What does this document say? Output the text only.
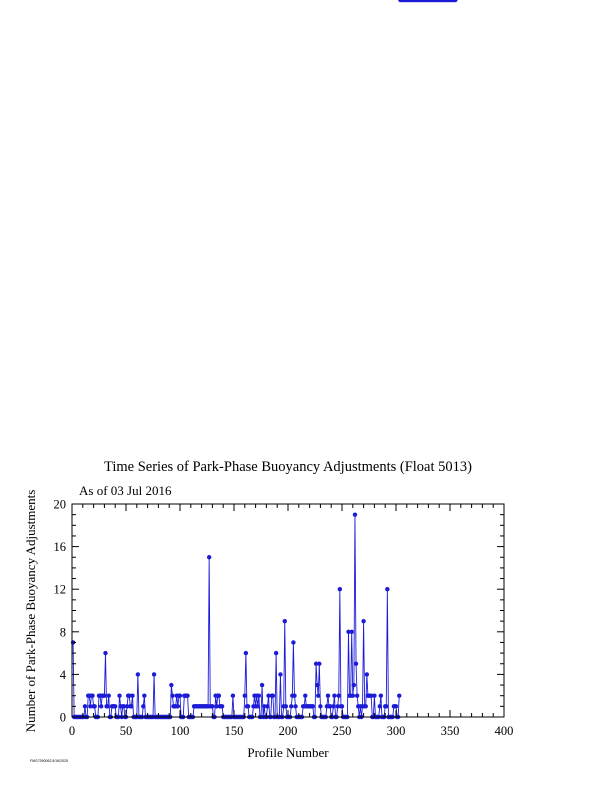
Time Series of Park-Phase Buoyancy Adjustments (Float 5013)
As of 03 Jul 2016
Number of Park-Phase Buoyancy Adjustments
Profile Number
FMG7090063 5/16/2025
0	50	100	150	200	250	300	350	400
0
4
8
12
16
20
